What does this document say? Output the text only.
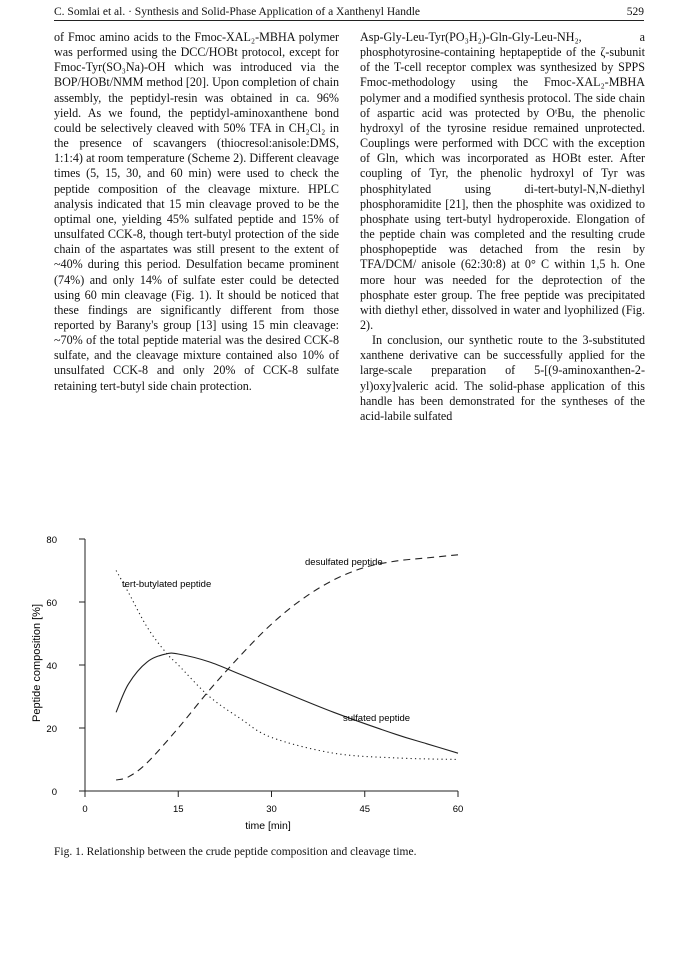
C. Somlai et al. · Synthesis and Solid-Phase Application of a Xanthenyl Handle	529

of Fmoc amino acids to the Fmoc-XAL₂-MBHA polymer was performed using the DCC/HOBt protocol, except for Fmoc-Tyr(SO₃Na)-OH which was introduced via the BOP/HOBt/NMM method [20]. Upon completion of chain assembly, the peptidyl-resin was obtained in ca. 96% yield. As we found, the peptidyl-aminoxanthene bond could be selectively cleaved with 50% TFA in CH₂Cl₂ in the presence of scavangers (thiocresol:anisole:DMS, 1:1:4) at room temperature (Scheme 2). Different cleavage times (5, 15, 30, and 60 min) were used to check the peptide composition of the cleavage mixture. HPLC analysis indicated that 15 min cleavage proved to be the optimal one, yielding 45% sulfated peptide and 15% of unsulfated CCK-8, though tert-butyl protection of the side chain of the aspartates was still present to the extent of ~40% during this period. Desulfation became prominent (74%) and only 14% of sulfate ester could be detected using 60 min cleavage (Fig. 1). It should be noticed that these findings are significantly different from those reported by Barany's group [13] using 15 min cleavage: ~70% of the total peptide material was the desired CCK-8 sulfate, and the cleavage mixture contained also 10% of unsulfated CCK-8 and only 20% of CCK-8 sulfate retaining tert-butyl side chain protection.

Asp-Gly-Leu-Tyr(PO₃H₂)-Gln-Gly-Leu-NH₂, a phosphotyrosine-containing heptapeptide of the ζ-subunit of the T-cell receptor complex was synthesized by SPPS Fmoc-methodology using the Fmoc-XAL₂-MBHA polymer and a modified synthesis protocol. The side chain of aspartic acid was protected by OᵗBu, the phenolic hydroxyl of the tyrosine residue remained unprotected. Couplings were performed with DCC with the exception of Gln, which was incorporated as HOBt ester. After coupling of Tyr, the phenolic hydroxyl of Tyr was phosphitylated using di-tert-butyl-N,N-diethyl phosphoramidite [21], then the phosphite was oxidized to phosphate using tert-butyl hydroperoxide. Elongation of the peptide chain was completed and the resulting crude phosphopeptide was detached from the resin by TFA/DCM/ anisole (62:30:8) at 0° C within 1,5 h. One more hour was needed for the deprotection of the phosphate ester group. The free peptide was precipitated with diethyl ether, dissolved in water and lyophilized (Fig. 2).

In conclusion, our synthetic route to the 3-substituted xanthene derivative can be successfully applied for the large-scale preparation of 5-[(9-aminoxanthen-2-yl)oxy]valeric acid. The solid-phase application of this handle has been demonstrated for the syntheses of the acid-labile sulfated

Peptide composition [%]
time [min]
0
20
40
60
80
0	15	30	45	60
sulfated peptide
desulfated peptide
tert-butylated peptide
Fig. 1. Relationship between the crude peptide composition and cleavage time.
